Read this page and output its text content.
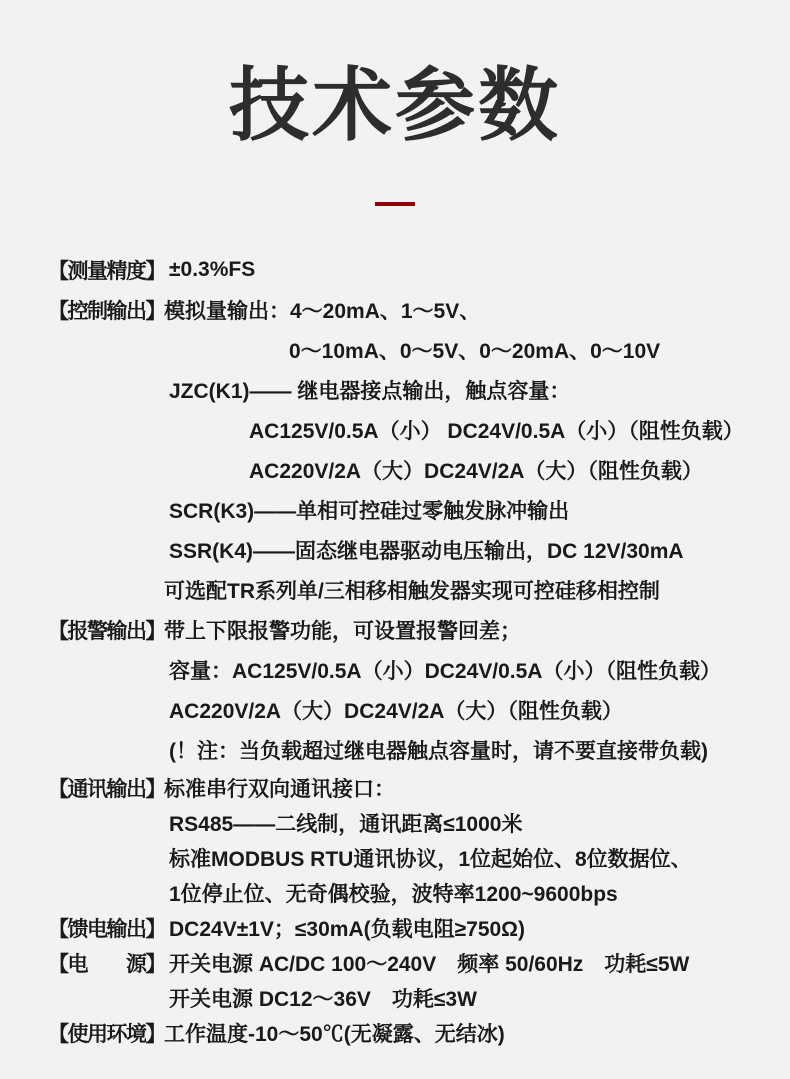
技术参数
【测量精度】 ±0.3%FS
【控制输出】 模拟量输出：4～20mA、1～5V、
0～10mA、0～5V、0～20mA、0～10V
JZC(K1)—— 继电器接点输出，触点容量：
AC125V/0.5A（小） DC24V/0.5A（小）（阻性负载）
AC220V/2A（大）DC24V/2A（大）（阻性负载）
SCR(K3)——单相可控硅过零触发脉冲输出
SSR(K4)——固态继电器驱动电压输出，DC 12V/30mA
可选配TR系列单/三相移相触发器实现可控硅移相控制
【报警输出】 带上下限报警功能，可设置报警回差；
容量：AC125V/0.5A（小）DC24V/0.5A（小）（阻性负载）
AC220V/2A（大）DC24V/2A（大）（阻性负载）
(！注：当负载超过继电器触点容量时，请不要直接带负载)
【通讯输出】 标准串行双向通讯接口：
RS485——二线制，通讯距离≤1000米
标准MODBUS RTU通讯协议，1位起始位、8位数据位、
1位停止位、无奇偶校验，波特率1200~9600bps
【馈电输出】 DC24V±1V；≤30mA(负载电阻≥750Ω)
【电　　源】 开关电源 AC/DC 100～240V　频率 50/60Hz　功耗≤5W
开关电源 DC12～36V　功耗≤3W
【使用环境】 工作温度-10～50℃(无凝露、无结冰)
